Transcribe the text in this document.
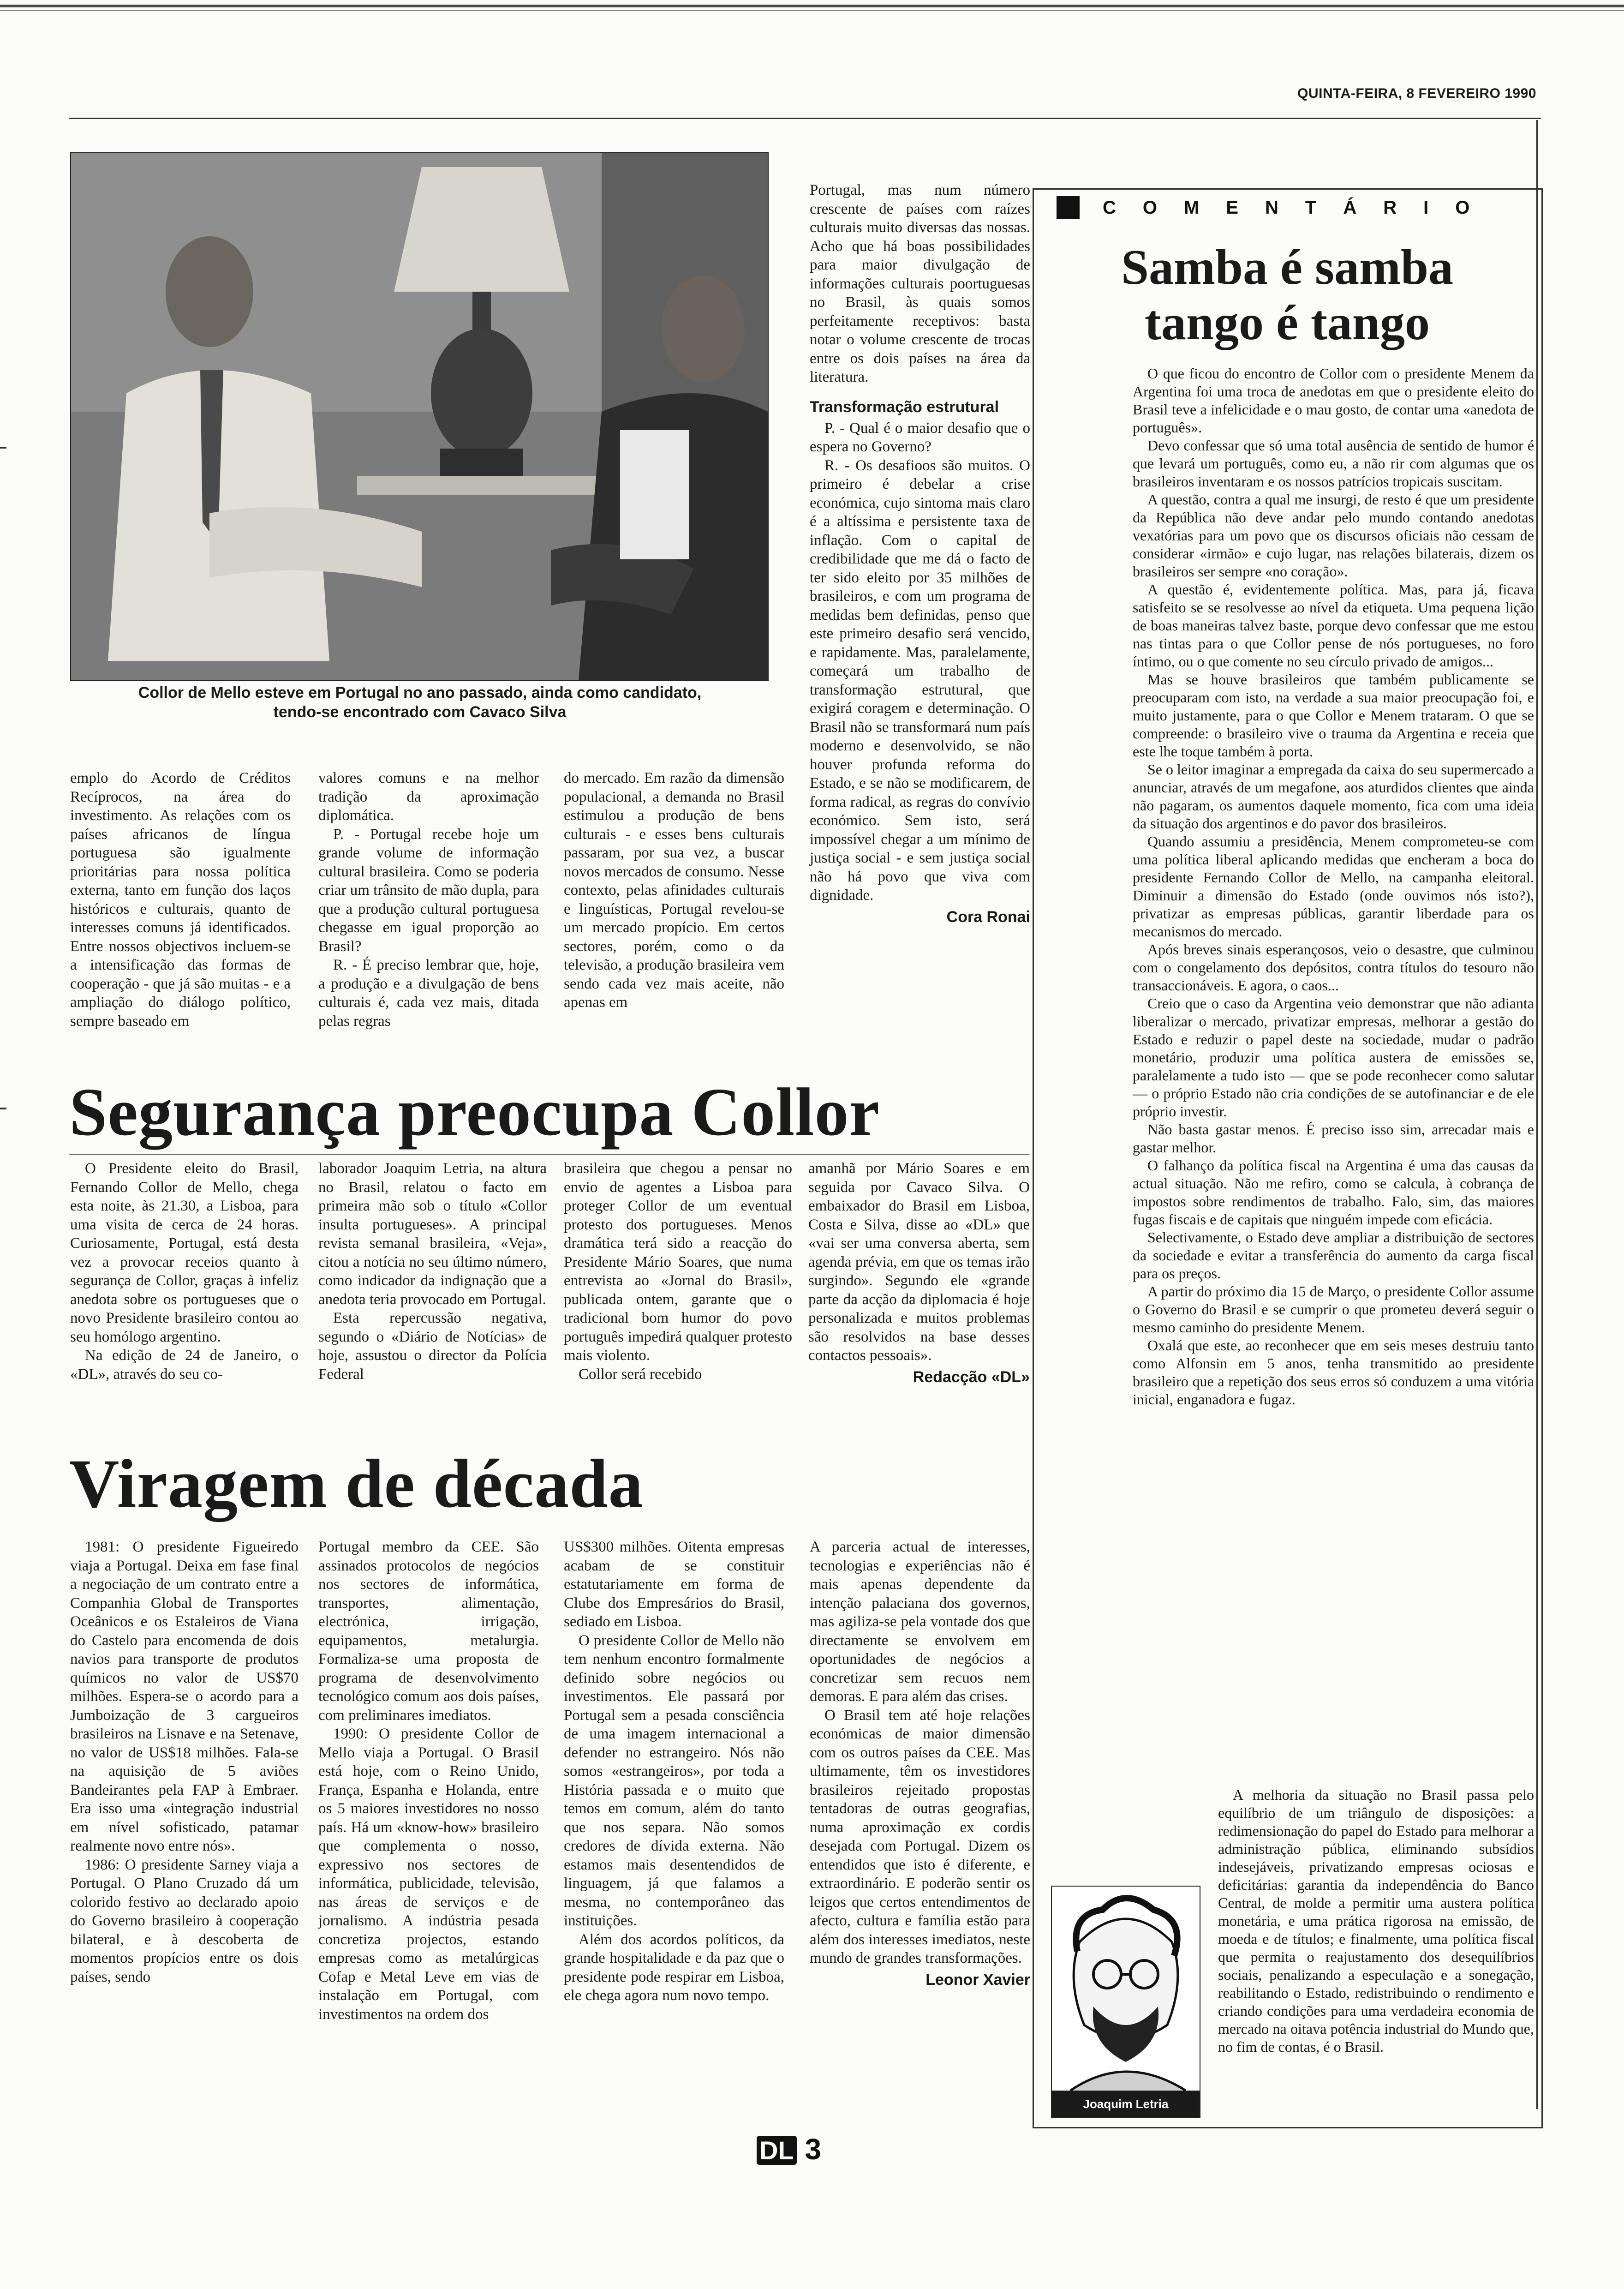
QUINTA-FEIRA, 8 FEVEREIRO 1990
Collor de Mello esteve em Portugal no ano passado, ainda como candidato,
tendo-se encontrado com Cavaco Silva

Portugal, mas num número crescente de países com raízes culturais muito diversas das nossas. Acho que há boas possibilidades para maior divulgação de informações culturais poortuguesas no Brasil, às quais somos perfeitamente receptivos: basta notar o volume crescente de trocas entre os dois países na área da literatura.

Transformação estrutural

P. - Qual é o maior desafio que o espera no Governo?

R. - Os desafioos são muitos. O primeiro é debelar a crise económica, cujo sintoma mais claro é a altíssima e persistente taxa de inflação. Com o capital de credibilidade que me dá o facto de ter sido eleito por 35 milhões de brasileiros, e com um programa de medidas bem definidas, penso que este primeiro desafio será vencido, e rapidamente. Mas, paralelamente, começará um trabalho de transformação estrutural, que exigirá coragem e determinação. O Brasil não se transformará num país moderno e desenvolvido, se não houver profunda reforma do Estado, e se não se modificarem, de forma radical, as regras do convívio económico. Sem isto, será impossível chegar a um mínimo de justiça social - e sem justiça social não há povo que viva com dignidade.

Cora Ronai

emplo do Acordo de Créditos Recíprocos, na área do investimento. As relações com os países africanos de língua portuguesa são igualmente prioritárias para nossa política externa, tanto em função dos laços históricos e culturais, quanto de interesses comuns já identificados. Entre nossos objectivos incluem-se a intensificação das formas de cooperação - que já são muitas - e a ampliação do diálogo político, sempre baseado em

valores comuns e na melhor tradição da aproximação diplomática.

P. - Portugal recebe hoje um grande volume de informação cultural brasileira. Como se poderia criar um trânsito de mão dupla, para que a produção cultural portuguesa chegasse em igual proporção ao Brasil?

R. - É preciso lembrar que, hoje, a produção e a divulgação de bens culturais é, cada vez mais, ditada pelas regras

do mercado. Em razão da dimensão populacional, a demanda no Brasil estimulou a produção de bens culturais - e esses bens culturais passaram, por sua vez, a buscar novos mercados de consumo. Nesse contexto, pelas afinidades culturais e linguísticas, Portugal revelou-se um mercado propício. Em certos sectores, porém, como o da televisão, a produção brasileira vem sendo cada vez mais aceite, não apenas em

Segurança preocupa Collor

O Presidente eleito do Brasil, Fernando Collor de Mello, chega esta noite, às 21.30, a Lisboa, para uma visita de cerca de 24 horas. Curiosamente, Portugal, está desta vez a provocar receios quanto à segurança de Collor, graças à infeliz anedota sobre os portugueses que o novo Presidente brasileiro contou ao seu homólogo argentino.

Na edição de 24 de Janeiro, o «DL», através do seu co-

laborador Joaquim Letria, na altura no Brasil, relatou o facto em primeira mão sob o título «Collor insulta portugueses». A principal revista semanal brasileira, «Veja», citou a notícia no seu último número, como indicador da indignação que a anedota teria provocado em Portugal.

Esta repercussão negativa, segundo o «Diário de Notícias» de hoje, assustou o director da Polícia Federal

brasileira que chegou a pensar no envio de agentes a Lisboa para proteger Collor de um eventual protesto dos portugueses. Menos dramática terá sido a reacção do Presidente Mário Soares, que numa entrevista ao «Jornal do Brasil», publicada ontem, garante que o tradicional bom humor do povo português impedirá qualquer protesto mais violento.

Collor será recebido

amanhã por Mário Soares e em seguida por Cavaco Silva. O embaixador do Brasil em Lisboa, Costa e Silva, disse ao «DL» que «vai ser uma conversa aberta, sem agenda prévia, em que os temas irão surgindo». Segundo ele «grande parte da acção da diplomacia é hoje personalizada e muitos problemas são resolvidos na base desses contactos pessoais».

Redacção «DL»
Viragem de década

1981: O presidente Figueiredo viaja a Portugal. Deixa em fase final a negociação de um contrato entre a Companhia Global de Transportes Oceânicos e os Estaleiros de Viana do Castelo para encomenda de dois navios para transporte de produtos químicos no valor de US$70 milhões. Espera-se o acordo para a Jumboização de 3 cargueiros brasileiros na Lisnave e na Setenave, no valor de US$18 milhões. Fala-se na aquisição de 5 aviões Bandeirantes pela FAP à Embraer. Era isso uma «integração industrial em nível sofisticado, patamar realmente novo entre nós».

1986: O presidente Sarney viaja a Portugal. O Plano Cruzado dá um colorido festivo ao declarado apoio do Governo brasileiro à cooperação bilateral, e à descoberta de momentos propícios entre os dois países, sendo

Portugal membro da CEE. São assinados protocolos de negócios nos sectores de informática, transportes, alimentação, electrónica, irrigação, equipamentos, metalurgia. Formaliza-se uma proposta de programa de desenvolvimento tecnológico comum aos dois países, com preliminares imediatos.

1990: O presidente Collor de Mello viaja a Portugal. O Brasil está hoje, com o Reino Unido, França, Espanha e Holanda, entre os 5 maiores investidores no nosso país. Há um «know-how» brasileiro que complementa o nosso, expressivo nos sectores de informática, publicidade, televisão, nas áreas de serviços e de jornalismo. A indústria pesada concretiza projectos, estando empresas como as metalúrgicas Cofap e Metal Leve em vias de instalação em Portugal, com investimentos na ordem dos

US$300 milhões. Oitenta empresas acabam de se constituir estatutariamente em forma de Clube dos Empresários do Brasil, sediado em Lisboa.

O presidente Collor de Mello não tem nenhum encontro formalmente definido sobre negócios ou investimentos. Ele passará por Portugal sem a pesada consciência de uma imagem internacional a defender no estrangeiro. Nós não somos «estrangeiros», por toda a História passada e o muito que temos em comum, além do tanto que nos separa. Não somos credores de dívida externa. Não estamos mais desentendidos de linguagem, já que falamos a mesma, no contemporâneo das instituições.

Além dos acordos políticos, da grande hospitalidade e da paz que o presidente pode respirar em Lisboa, ele chega agora num novo tempo.

A parceria actual de interesses, tecnologias e experiências não é mais apenas dependente da intenção palaciana dos governos, mas agiliza-se pela vontade dos que directamente se envolvem em oportunidades de negócios a concretizar sem recuos nem demoras. E para além das crises.

O Brasil tem até hoje relações económicas de maior dimensão com os outros países da CEE. Mas ultimamente, têm os investidores brasileiros rejeitado propostas tentadoras de outras geografias, numa aproximação ex cordis desejada com Portugal. Dizem os entendidos que isto é diferente, e extraordinário. E poderão sentir os leigos que certos entendimentos de afecto, cultura e família estão para além dos interesses imediatos, neste mundo de grandes transformações.

Leonor Xavier
COMENTÁRIO
Samba é samba
tango é tango

O que ficou do encontro de Collor com o presidente Menem da Argentina foi uma troca de anedotas em que o presidente eleito do Brasil teve a infelicidade e o mau gosto, de contar uma «anedota de português».

Devo confessar que só uma total ausência de sentido de humor é que levará um português, como eu, a não rir com algumas que os brasileiros inventaram e os nossos patrícios tropicais suscitam.

A questão, contra a qual me insurgi, de resto é que um presidente da República não deve andar pelo mundo contando anedotas vexatórias para um povo que os discursos oficiais não cessam de considerar «irmão» e cujo lugar, nas relações bilaterais, dizem os brasileiros ser sempre «no coração».

A questão é, evidentemente política. Mas, para já, ficava satisfeito se se resolvesse ao nível da etiqueta. Uma pequena lição de boas maneiras talvez baste, porque devo confessar que me estou nas tintas para o que Collor pense de nós portugueses, no foro íntimo, ou o que comente no seu círculo privado de amigos...

Mas se houve brasileiros que também publicamente se preocuparam com isto, na verdade a sua maior preocupação foi, e muito justamente, para o que Collor e Menem trataram. O que se compreende: o brasileiro vive o trauma da Argentina e receia que este lhe toque também à porta.

Se o leitor imaginar a empregada da caixa do seu supermercado a anunciar, através de um megafone, aos aturdidos clientes que ainda não pagaram, os aumentos daquele momento, fica com uma ideia da situação dos argentinos e do pavor dos brasileiros.

Quando assumiu a presidência, Menem comprometeu-se com uma política liberal aplicando medidas que encheram a boca do presidente Fernando Collor de Mello, na campanha eleitoral. Diminuir a dimensão do Estado (onde ouvimos nós isto?), privatizar as empresas públicas, garantir liberdade para os mecanismos do mercado.

Após breves sinais esperançosos, veio o desastre, que culminou com o congelamento dos depósitos, contra títulos do tesouro não transaccionáveis. E agora, o caos...

Creio que o caso da Argentina veio demonstrar que não adianta liberalizar o mercado, privatizar empresas, melhorar a gestão do Estado e reduzir o papel deste na sociedade, mudar o padrão monetário, produzir uma política austera de emissões se, paralelamente a tudo isto — que se pode reconhecer como salutar — o próprio Estado não cria condições de se autofinanciar e de ele próprio investir.

Não basta gastar menos. É preciso isso sim, arrecadar mais e gastar melhor.

O falhanço da política fiscal na Argentina é uma das causas da actual situação. Não me refiro, como se calcula, à cobrança de impostos sobre rendimentos de trabalho. Falo, sim, das maiores fugas fiscais e de capitais que ninguém impede com eficácia.

Selectivamente, o Estado deve ampliar a distribuição de sectores da sociedade e evitar a transferência do aumento da carga fiscal para os preços.

A partir do próximo dia 15 de Março, o presidente Collor assume o Governo do Brasil e se cumprir o que prometeu deverá seguir o mesmo caminho do presidente Menem.

Oxalá que este, ao reconhecer que em seis meses destruiu tanto como Alfonsin em 5 anos, tenha transmitido ao presidente brasileiro que a repetição dos seus erros só conduzem a uma vitória inicial, enganadora e fugaz.

A melhoria da situação no Brasil passa pelo equilíbrio de um triângulo de disposições: a redimensionação do papel do Estado para melhorar a administração pública, eliminando subsídios indesejáveis, privatizando empresas ociosas e deficitárias: garantia da independência do Banco Central, de molde a permitir uma austera política monetária, e uma prática rigorosa na emissão, de moeda e de títulos; e finalmente, uma política fiscal que permita o reajustamento dos desequilíbrios sociais, penalizando a especulação e a sonegação, reabilitando o Estado, redistribuindo o rendimento e criando condições para uma verdadeira economia de mercado na oitava potência industrial do Mundo que, no fim de contas, é o Brasil.

Joaquim Letria
DL 3
